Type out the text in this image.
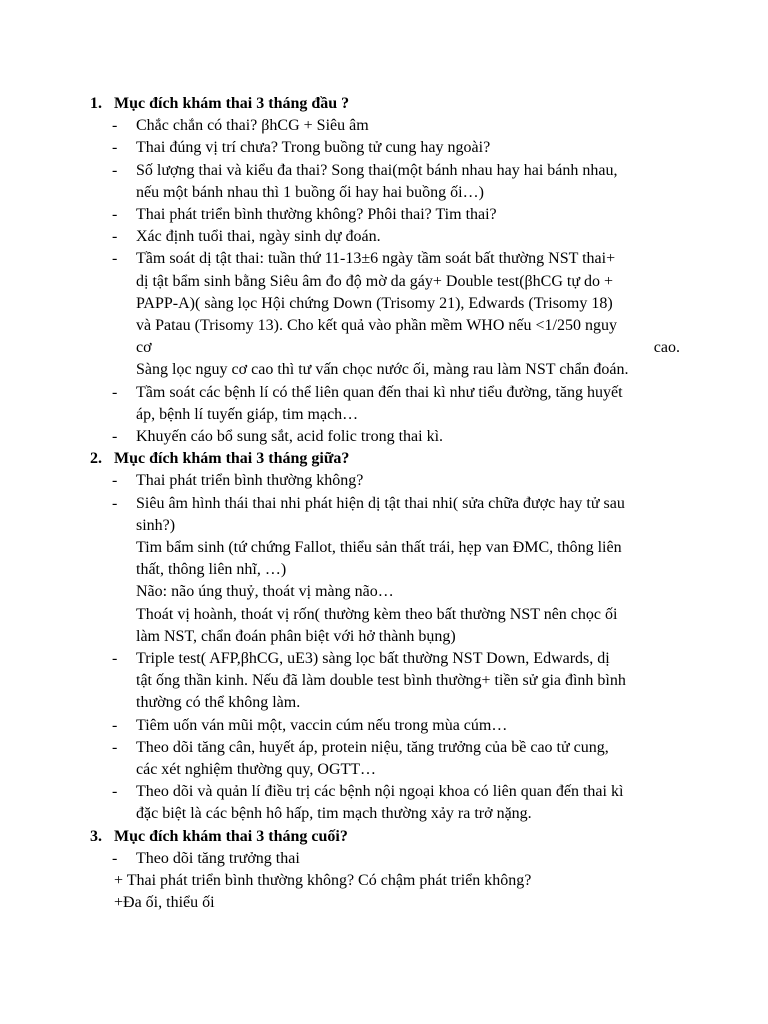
1. Mục đích khám thai 3 tháng đầu ?
-	Chắc chắn có thai? βhCG + Siêu âm
-	Thai đúng vị trí chưa? Trong buồng tử cung hay ngoài?
-	Số lượng thai và kiểu đa thai? Song thai(một bánh nhau hay hai bánh nhau,
nếu một bánh nhau thì 1 buồng ối hay hai buồng ối…)
-	Thai phát triển bình thường không? Phôi thai? Tim thai?
-	Xác định tuổi thai, ngày sinh dự đoán.
-	Tầm soát dị tật thai: tuần thứ 11-13±6 ngày tầm soát bất thường NST thai+
dị tật bẩm sinh bằng Siêu âm đo độ mờ da gáy+ Double test(βhCG tự do +
PAPP-A)( sàng lọc Hội chứng Down (Trisomy 21), Edwards (Trisomy 18)
và Patau (Trisomy 13). Cho kết quả vào phần mềm WHO nếu <1/250 nguy
cơ	cao.
Sàng lọc nguy cơ cao thì tư vấn chọc nước ối, màng rau làm NST chẩn đoán.
-	Tầm soát các bệnh lí có thể liên quan đến thai kì như tiểu đường, tăng huyết
áp, bệnh lí tuyến giáp, tim mạch…
-	Khuyến cáo bổ sung sắt, acid folic trong thai kì.
2. Mục đích khám thai 3 tháng giữa?
-	Thai phát triển bình thường không?
-	Siêu âm hình thái thai nhi phát hiện dị tật thai nhi( sửa chữa được hay tử sau
sinh?)
Tim bẩm sinh (tứ chứng Fallot, thiểu sản thất trái, hẹp van ĐMC, thông liên
thất, thông liên nhĩ, …)
Não: não úng thuỷ, thoát vị màng não…
Thoát vị hoành, thoát vị rốn( thường kèm theo bất thường NST nên chọc ối
làm NST, chẩn đoán phân biệt với hở thành bụng)
-	Triple test( AFP,βhCG, uE3) sàng lọc bất thường NST Down, Edwards, dị
tật ống thần kinh. Nếu đã làm double test bình thường+ tiền sử gia đình bình
thường có thể không làm.
-	Tiêm uốn ván mũi một, vaccin cúm nếu trong mùa cúm…
-	Theo dõi tăng cân, huyết áp, protein niệu, tăng trưởng của bề cao tử cung,
các xét nghiệm thường quy, OGTT…
-	Theo dõi và quản lí điều trị các bệnh nội ngoại khoa có liên quan đến thai kì
đặc biệt là các bệnh hô hấp, tim mạch thường xảy ra trở nặng.
3. Mục đích khám thai 3 tháng cuối?
-	Theo dõi tăng trưởng thai
+ Thai phát triển bình thường không? Có chậm phát triển không?
+Đa ối, thiểu ối
